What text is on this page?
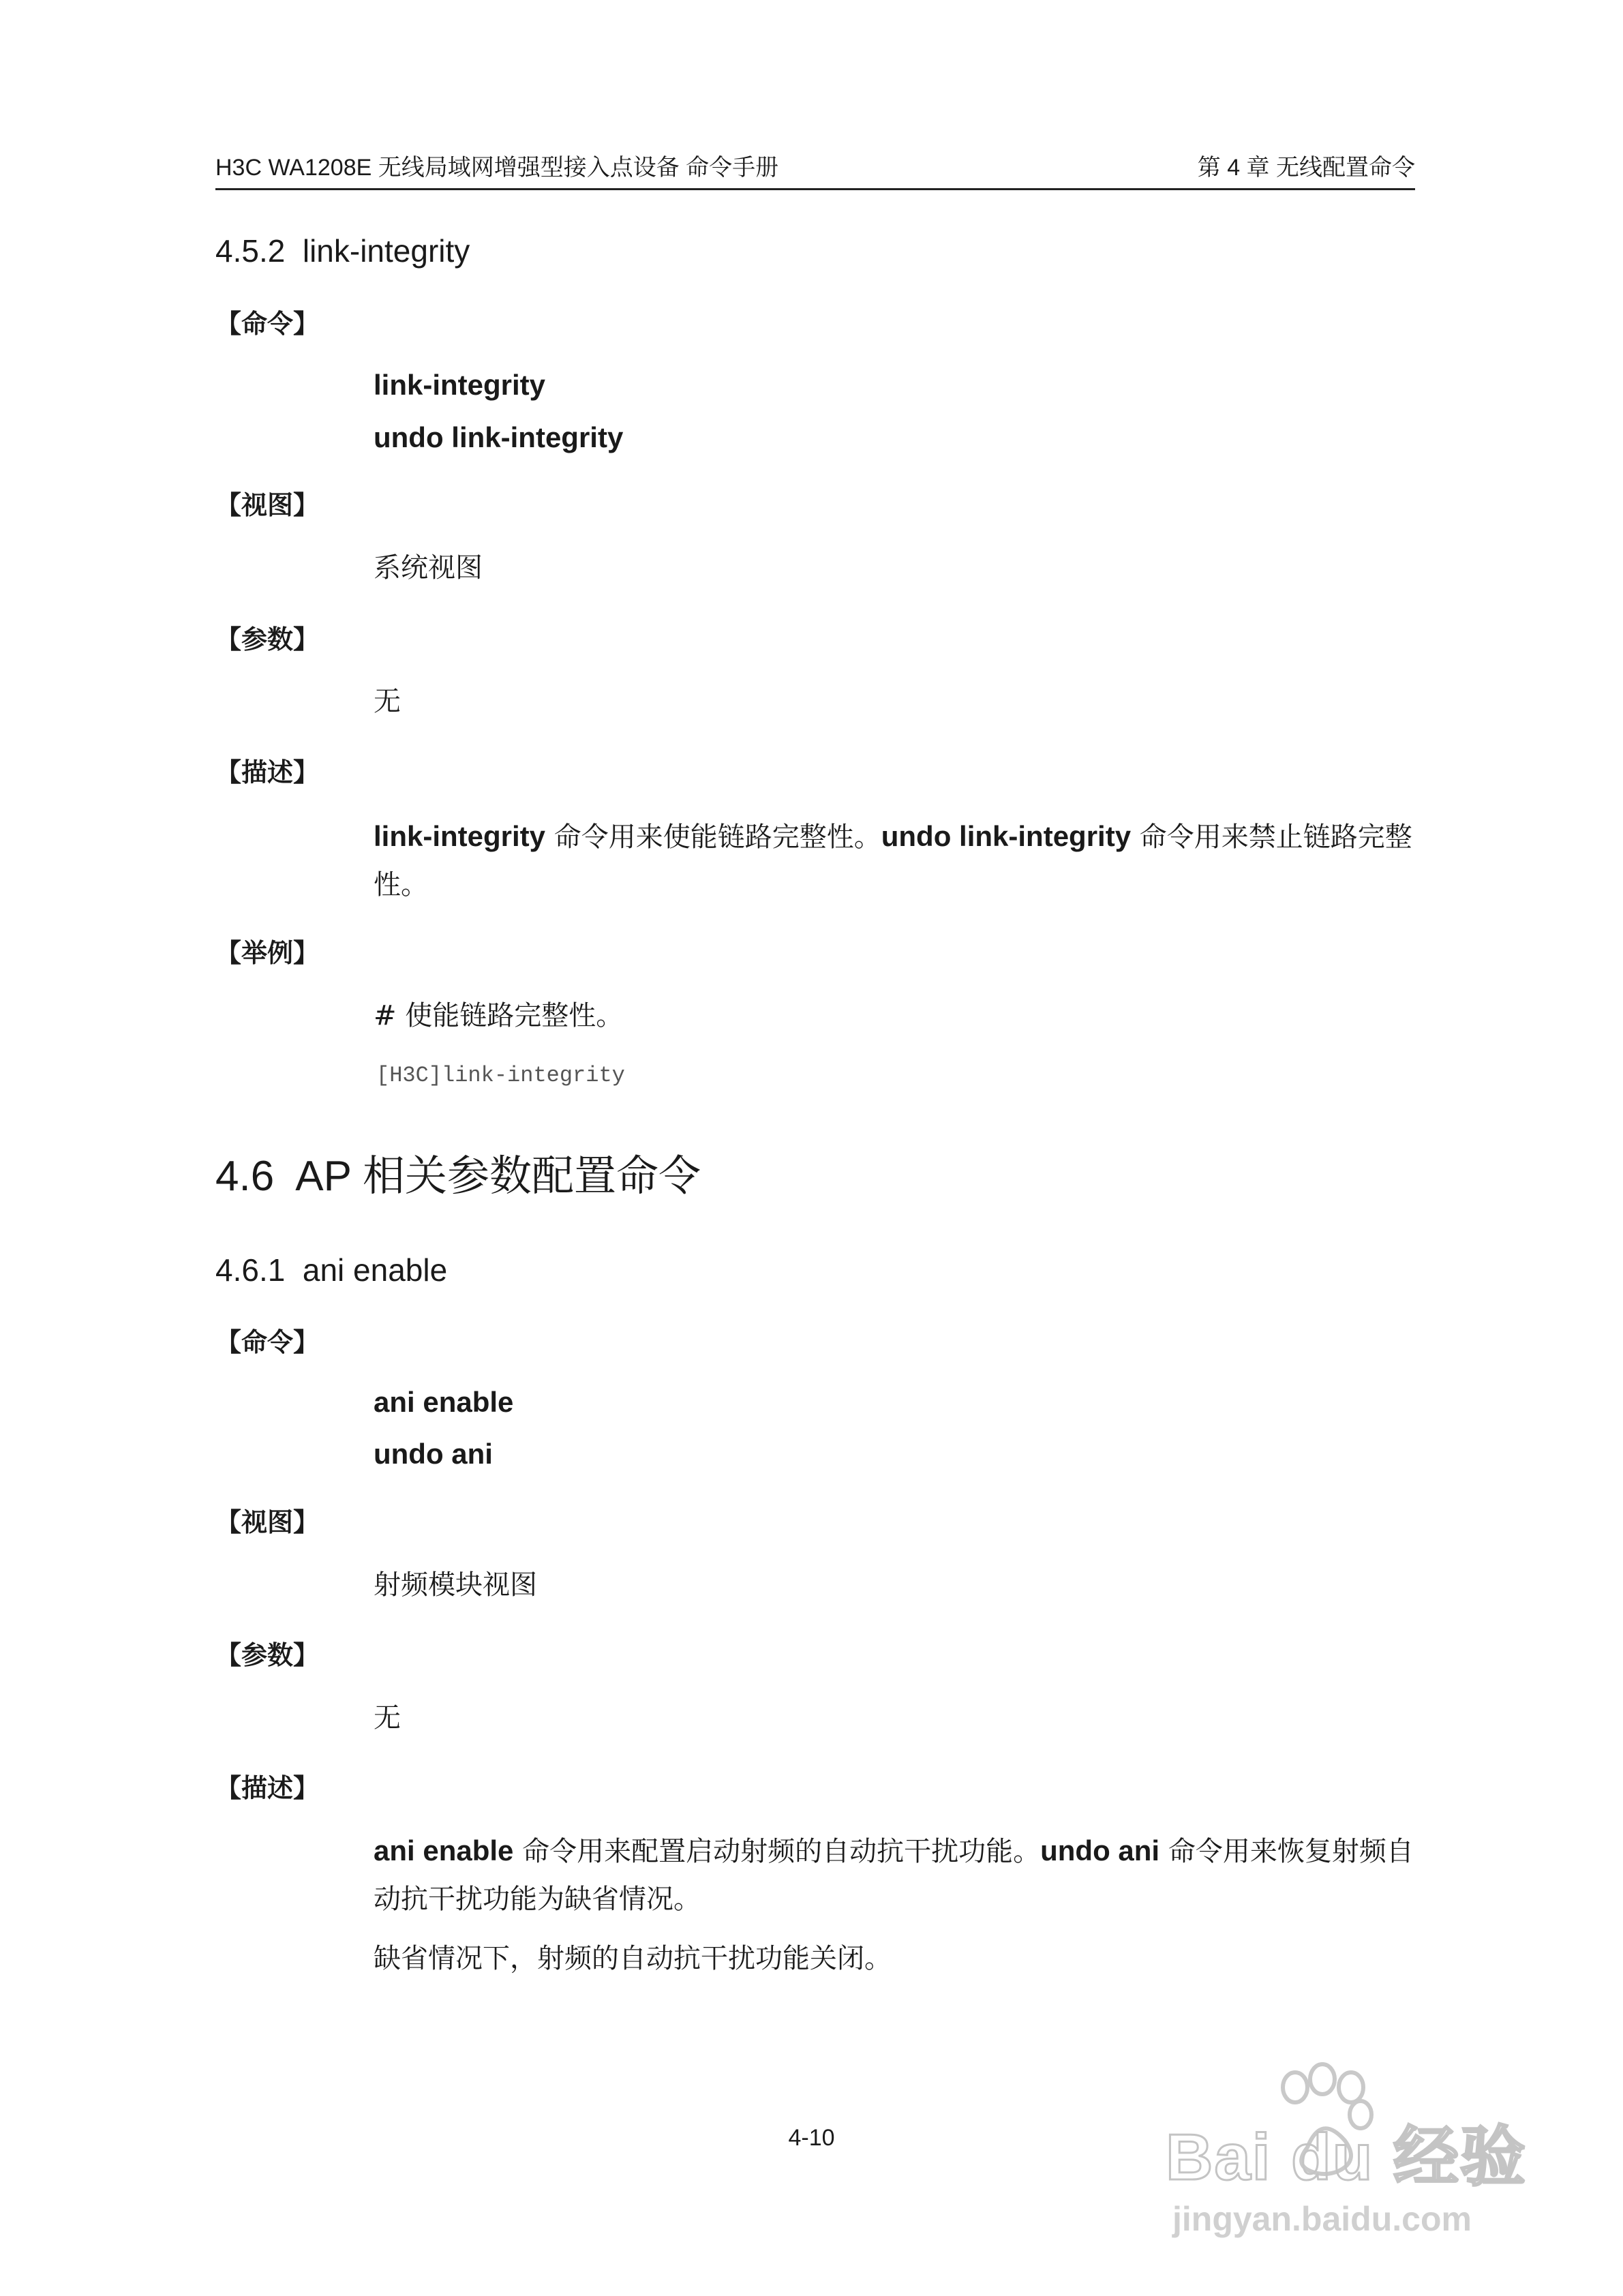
H3C WA1208E 无线局域网增强型接入点设备 命令手册	第 4 章 无线配置命令
4.5.2  link-integrity
【命令】
link-integrity
undo link-integrity
【视图】
系统视图
【参数】
无
【描述】
link-integrity 命令用来使能链路完整性。undo link-integrity 命令用来禁止链路完整性。
【举例】
# 使能链路完整性。
[H3C]link-integrity
4.6  AP 相关参数配置命令
4.6.1  ani enable
【命令】
ani enable
undo ani
【视图】
射频模块视图
【参数】
无
【描述】
ani enable 命令用来配置启动射频的自动抗干扰功能。undo ani 命令用来恢复射频自动抗干扰功能为缺省情况。
缺省情况下，射频的自动抗干扰功能关闭。
4-10	Bai du 经验
jingyan.baidu.com
